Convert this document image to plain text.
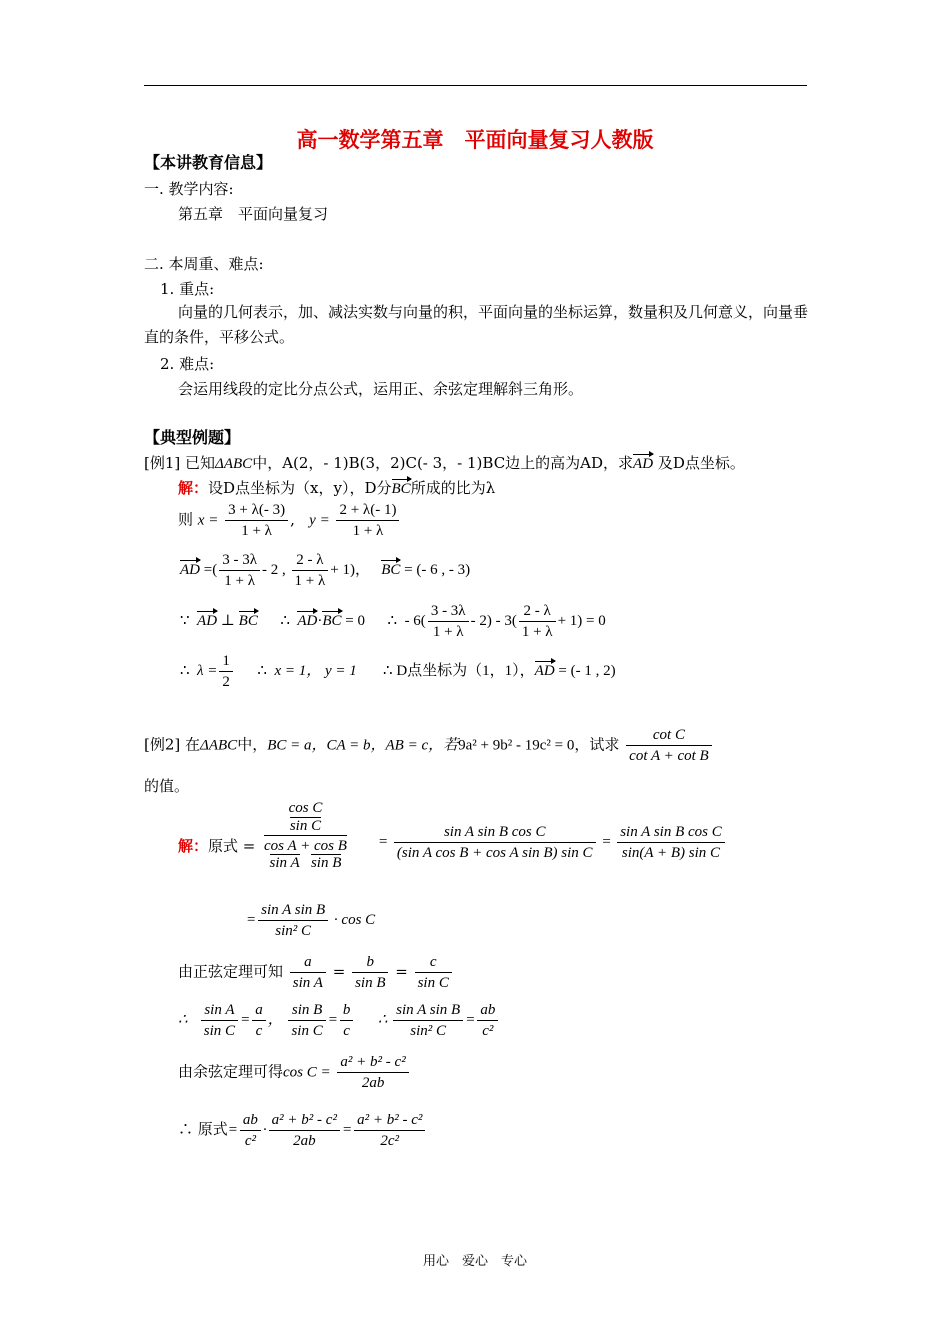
高一数学第五章　平面向量复习人教版
【本讲教育信息】
一. 教学内容:
第五章　平面向量复习
二. 本周重、难点:
1. 重点:
向量的几何表示，加、减法实数与向量的积，平面向量的坐标运算，数量积及几何意义，向量垂直的条件，平移公式。
2. 难点:
会运用线段的定比分点公式，运用正、余弦定理解斜三角形。
【典型例题】
[例1] 已知ΔABC中，A(2，- 1)B(3，2)C(- 3，- 1)BC边上的高为AD，求AD 及D点坐标。
解：设D点坐标为（x，y），D分BC所成的比为λ
则 $x = \frac{3 + \lambda(- 3)}{1 + \lambda}$ ,   $y = \frac{2 + \lambda(- 1)}{1 + \lambda}$
AD =( $\frac{3 - 3\lambda}{1 + \lambda} - 2$ , $\frac{2 - \lambda}{1 + \lambda} + 1$)， BC = (- 6 , - 3)
∵ AD ⊥ BC ∴ AD·BC = 0 ∴ - $6( \frac{3 - 3\lambda}{1 + \lambda} - 2) - 3( \frac{2 - \lambda}{1 + \lambda} + 1) = 0$
∴ $\lambda = \frac{1}{2}$ ∴ x = 1， y = 1 ∴ D点坐标为（1，1），AD = (- 1 , 2)
[例2] 在ΔABC中，BC = a，CA = b，AB = c，若9a² + 9b² - 19c² = 0，试求 $\frac{\text{cot C}}{\text{cot A + cot B}}$
的值。
解：原式 =
cos C
sin C
cos A + cos B
sin A sin B
= $\frac{\text{sin A sin B cos C}}{\text{(sin A cos B + cos A sin B) sin C}} = \frac{\text{sin A sin B cos C}}{\text{sin(A + B) sin C}}$
= $\frac{\text{sin A sin B}}{\text{sin² C}} \cdot \cos C$
由正弦定理可知 $\frac{a}{\text{sin A}} = \frac{b}{\text{sin B}} = \frac{c}{\text{sin C}}$
∴ $\frac{\text{sin A}}{\text{sin C}} = \frac{a}{c}$ ， $\frac{\text{sin B}}{\text{sin C}} = \frac{b}{c}$ ∴ $\frac{\text{sin A sin B}}{\text{sin² C}} = \frac{ab}{\text{c²}}$
由余弦定理可得$\cos C = \frac{\text{a² + b² - c²}}{2ab}$
∴ 原式= $\frac{ab}{\text{c²}} \cdot \frac{\text{a² + b² - c²}}{2ab} = \frac{\text{a² + b² - c²}}{\text{2c²}}$
用心　爱心　专心
